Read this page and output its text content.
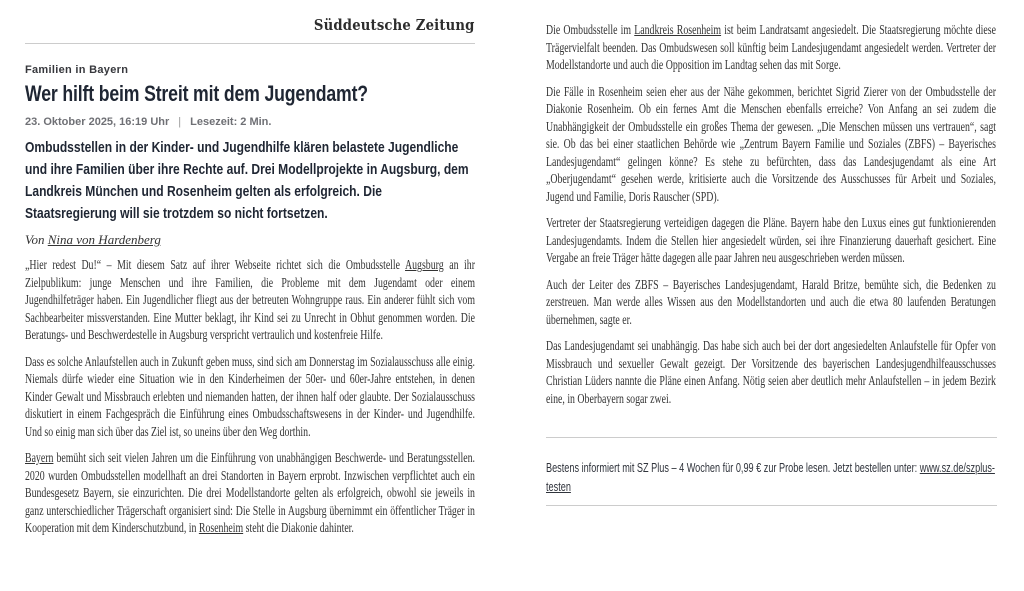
Süddeutsche Zeitung
Familien in Bayern
Wer hilft beim Streit mit dem Jugendamt?
23. Oktober 2025, 16:19 Uhr | Lesezeit: 2 Min.

Ombudsstellen in der Kinder- und Jugendhilfe klären belastete Jugendliche und ihre Familien über ihre Rechte auf. Drei Modellprojekte in Augsburg, dem Landkreis München und Rosenheim gelten als erfolgreich. Die Staatsregierung will sie trotzdem so nicht fortsetzen.

Von Nina von Hardenberg

„Hier redest Du!“ – Mit diesem Satz auf ihrer Webseite richtet sich die Ombudsstelle Augsburg an ihr Zielpublikum: junge Menschen und ihre Familien, die Probleme mit dem Jugendamt oder einem Jugendhilfeträger haben. Ein Jugendlicher fliegt aus der betreuten Wohngruppe raus. Ein anderer fühlt sich vom Sachbearbeiter missverstanden. Eine Mutter beklagt, ihr Kind sei zu Unrecht in Obhut genommen worden. Die Beratungs- und Beschwerdestelle in Augsburg verspricht vertraulich und kostenfreie Hilfe.

Dass es solche Anlaufstellen auch in Zukunft geben muss, sind sich am Donnerstag im Sozialausschuss alle einig. Niemals dürfe wieder eine Situation wie in den Kinderheimen der 50er- und 60er-Jahre entstehen, in denen Kinder Gewalt und Missbrauch erlebten und niemanden hatten, der ihnen half oder glaubte. Der Sozialausschuss diskutiert in einem Fachgespräch die Einführung eines Ombudsschaftswesens in der Kinder- und Jugendhilfe. Und so einig man sich über das Ziel ist, so uneins über den Weg dorthin.

Bayern bemüht sich seit vielen Jahren um die Einführung von unabhängigen Beschwerde- und Beratungsstellen. 2020 wurden Ombudsstellen modellhaft an drei Standorten in Bayern erprobt. Inzwischen verpflichtet auch ein Bundesgesetz Bayern, sie einzurichten. Die drei Modellstandorte gelten als erfolgreich, obwohl sie jeweils in ganz unterschiedlicher Trägerschaft organisiert sind: Die Stelle in Augsburg übernimmt ein öffentlicher Träger in Kooperation mit dem Kinderschutzbund, in Rosenheim steht die Diakonie dahinter.

Die Ombudsstelle im Landkreis Rosenheim ist beim Landratsamt angesiedelt. Die Staatsregierung möchte diese Trägervielfalt beenden. Das Ombudswesen soll künftig beim Landesjugendamt angesiedelt werden. Vertreter der Modellstandorte und auch die Opposition im Landtag sehen das mit Sorge.

Die Fälle in Rosenheim seien eher aus der Nähe gekommen, berichtet Sigrid Zierer von der Ombudsstelle der Diakonie Rosenheim. Ob ein fernes Amt die Menschen ebenfalls erreiche? Von Anfang an sei zudem die Unabhängigkeit der Ombudsstelle ein großes Thema der gewesen. „Die Menschen müssen uns vertrauen“, sagt sie. Ob das bei einer staatlichen Behörde wie „Zentrum Bayern Familie und Soziales (ZBFS) – Bayerisches Landesjugendamt“ gelingen könne? Es stehe zu befürchten, dass das Landesjugendamt als eine Art „Oberjugendamt“ gesehen werde, kritisierte auch die Vorsitzende des Ausschusses für Arbeit und Soziales, Jugend und Familie, Doris Rauscher (SPD).

Vertreter der Staatsregierung verteidigen dagegen die Pläne. Bayern habe den Luxus eines gut funktionierenden Landesjugendamts. Indem die Stellen hier angesiedelt würden, sei ihre Finanzierung dauerhaft gesichert. Eine Vergabe an freie Träger hätte dagegen alle paar Jahren neu ausgeschrieben werden müssen.

Auch der Leiter des ZBFS – Bayerisches Landesjugendamt, Harald Britze, bemühte sich, die Bedenken zu zerstreuen. Man werde alles Wissen aus den Modellstandorten und auch die etwa 80 laufenden Beratungen übernehmen, sagte er.

Das Landesjugendamt sei unabhängig. Das habe sich auch bei der dort angesiedelten Anlaufstelle für Opfer von Missbrauch und sexueller Gewalt gezeigt. Der Vorsitzende des bayerischen Landesjugendhilfeausschusses Christian Lüders nannte die Pläne einen Anfang. Nötig seien aber deutlich mehr Anlaufstellen – in jedem Bezirk eine, in Oberbayern sogar zwei.

Bestens informiert mit SZ Plus – 4 Wochen für 0,99 € zur Probe lesen. Jetzt bestellen unter: www.sz.de/szplus-testen
